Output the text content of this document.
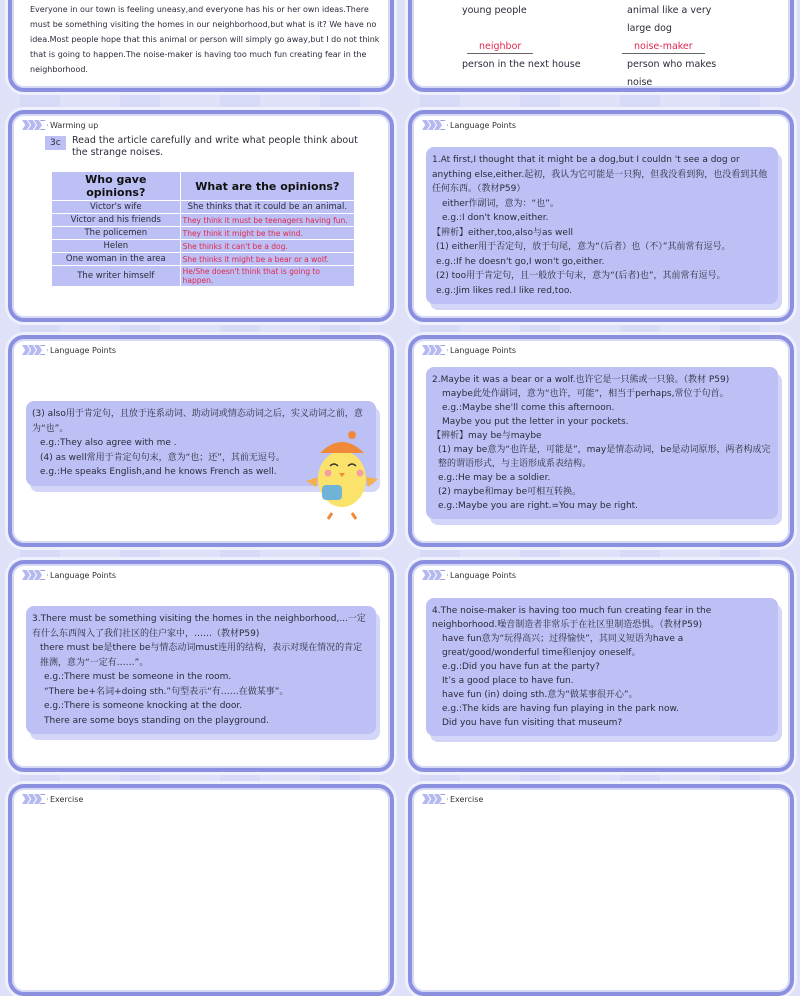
Everyone in our town is feeling uneasy,and everyone has his or her own ideas.There must be something visiting the homes in our neighborhood,but what is it? We have no idea.Most people hope that this animal or person will simply go away,but I do not think that is going to happen.The noise-maker is having too much fun creating fear in the neighborhood.
young people	animal like a very large dog
neighbor	noise-maker
person in the next house	person who makes noise
Warming up
3c	Read the article carefully and write what people think about the strange noises.
Who gave opinions?	What are the opinions?
Victor's wife	She thinks that it could be an animal.
Victor and his friends	They think it must be teenagers having fun.
The policemen	They think it might be the wind.
Helen	She thinks it can't be a dog.
One woman in the area	She thinks it might be a bear or a wolf.
The writer himself	He/She doesn't think that is going to happen.
Language Points
1.At first,I thought that it might be a dog,but I couldn 't see a dog or anything else,either.起初，我认为它可能是一只狗，但我没看到狗，也没看到其他任何东西。（教材P59）
either作副词，意为：“也”。
e.g.:I don't know,either.
【辨析】either,too,also与as well
(1) either用于否定句，放于句尾，意为“（后者）也（不）”其前常有逗号。
e.g.:If he doesn't go,I won't go,either.
(2) too用于肯定句，且一般放于句末，意为“(后者)也”，其前常有逗号。
e.g.:Jim likes red.I like red,too.
Language Points
(3) also用于肯定句，且放于连系动词、助动词或情态动词之后，实义动词之前，意为“也”。
e.g.:They also agree with me .
(4) as well常用于肯定句句末，意为“也；还”，其前无逗号。
e.g.:He speaks English,and he knows French as well.
Language Points
2.Maybe it was a bear or a wolf.也许它是一只熊或一只狼。（教材 P59)
maybe此处作副词，意为“也许，可能”，相当于perhaps,常位于句首。
e.g.:Maybe she'll come this afternoon.
Maybe you put the letter in your pockets.
【辨析】may be与maybe
(1) may be意为“也许是，可能是”，may是情态动词，be是动词原形，两者构成完整的谓语形式，与主语形成系表结构。
e.g.:He may be a soldier.
(2) maybe和may be可相互转换。
e.g.:Maybe you are right.=You may be right.
Language Points
3.There must be something visiting the homes in the neighborhood,...一定有什么东西闯入了我们社区的住户家中，……（教材P59)
there must be是there be与情态动词must连用的结构，表示对现在情况的肯定推测，意为“一定有……”。
e.g.:There must be someone in the room.
“There be+名词+doing sth.”句型表示“有……在做某事”。
e.g.:There is someone knocking at the door.
There are some boys standing on the playground.
Language Points
4.The noise-maker is having too much fun creating fear in the neighborhood.噪音制造者非常乐于在社区里制造恐惧。（教材P59)
have fun意为“玩得高兴；过得愉快”，其同义短语为have a great/good/wonderful time和enjoy oneself。
e.g.:Did you have fun at the party?
It’s a good place to have fun.
have fun (in) doing sth.意为“做某事很开心”。
e.g.:The kids are having fun playing in the park now.
Did you have fun visiting that museum?
Exercise	Exercise
